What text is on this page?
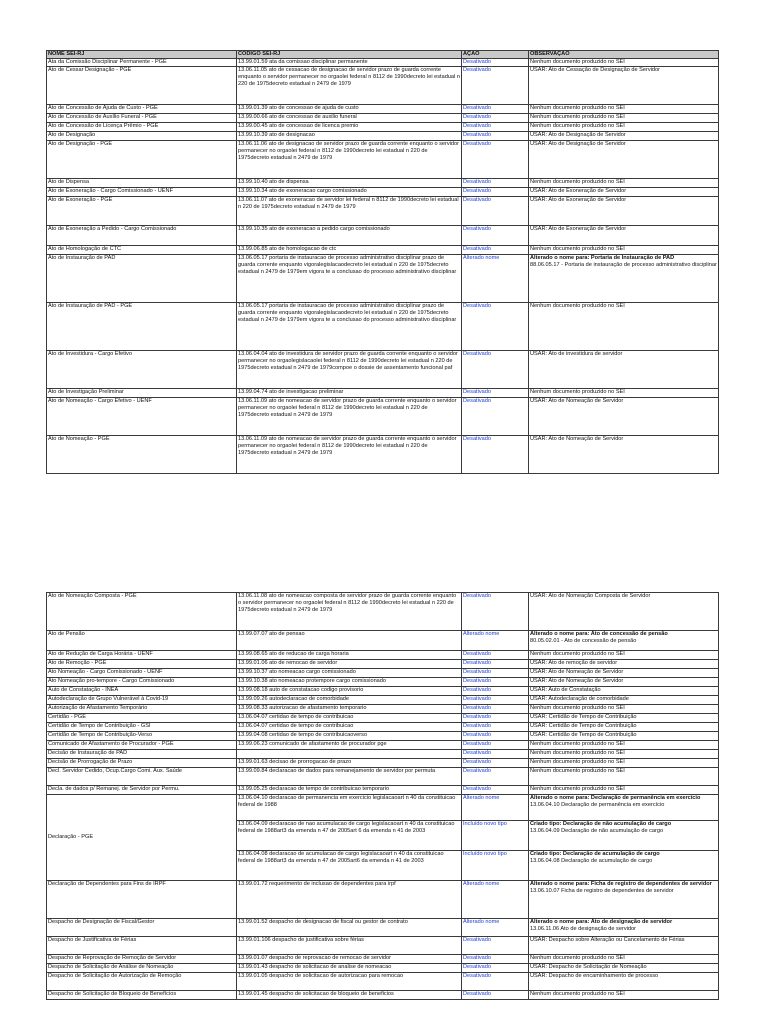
NOME SEI-RJ	CÓDIGO SEI-RJ	AÇÃO	OBSERVAÇÃO
Ata da Comissão Disciplinar Permanente - PGE	13.99.01.59 ata da comissao disciplinar permanente	Desativado	Nenhum documento produzido no SEI

Ato de Cessar Designação - PGE	13.06.11.05 ato de cessacao de designacao de servidor prazo de guarda corrente enquanto o servidor permanecer no orgaolei federal n 8112 de 1990decreto lei estadual n 220 de 1975decreto estadual n 2479 de 1979	Desativado	USAR: Ato de Cessação de Designação de Servidor

Ato de Concessão de Ajuda de Custo - PGE	13.99.01.39 ato de concessao de ajuda de custo	Desativado	Nenhum documento produzido no SEI

Ato de Concessão de Auxílio Funeral - PGE	13.99.00.66 ato de concessao de auxilio funeral	Desativado	Nenhum documento produzido no SEI

Ato de Concessão de Licença Prêmio - PGE	13.99.00.45 ato de concessao de licenca premio	Desativado	Nenhum documento produzido no SEI

Ato de Designação	13.99.10.39 ato de designacao	Desativado	USAR: Ato de Designação de Servidor

Ato de Designação - PGE	13.06.11.06 ato de designacao de servidor prazo de guarda corrente enquanto o servidor permanecer no orgaolei federal n 8112 de 1990decreto lei estadual n 220 de 1975decreto estadual n 2479 de 1979	Desativado	USAR: Ato de Designação de Servidor

Ato de Dispensa	13.99.10.40 ato de dispensa	Desativado	Nenhum documento produzido no SEI

Ato de Exoneração - Cargo Comissionado - UENF	13.99.10.34 ato de exoneracao cargo comissionado	Desativado	USAR: Ato de Exoneração de Servidor

Ato de Exoneração - PGE	13.06.11.07 ato de exoneracao de servidor lei federal n 8112 de 1990decreto lei estadual n 220 de 1975decreto estadual n 2479 de 1979	Desativado	USAR: Ato de Exoneração de Servidor

Ato de Exoneração a Pedido - Cargo Comissionado	13.99.10.35 ato de exoneracao a pedido cargo comissionado	Desativado	USAR: Ato de Exoneração de Servidor

Ato de Homologação de CTC	13.99.06.85 ato de homologacao de ctc	Desativado	Nenhum documento produzido no SEI

Ato de Instauração de PAD	13.06.05.17 portaria de instauracao de processo administrativo disciplinar prazo de guarda corrente enquanto vigoralegislacaodecreto lei estadual n 220 de 1975decreto estadual n 2479 de 1979em vigora te a conclusao do processo administrativo disciplinar	Alterado nome	Alterado o nome para: Portaria de Instauração de PAD
88.06.05.17 - Portaria de instauração de processo administrativo disciplinar

Ato de Instauração de PAD - PGE	13.06.05.17 portaria de instauracao de processo administrativo disciplinar prazo de guarda corrente enquanto vigoralegislacaodecreto lei estadual n 220 de 1975decreto estadual n 2479 de 1979em vigora te a conclusao do processo administrativo disciplinar	Desativado	Nenhum documento produzido no SEI

Ato de Investidura - Cargo Efetivo	13.06.04.04 ato de investidura de servidor prazo de guarda corrente enquanto o servidor permanecer no orgaolegislacaolei federal n 8112 de 1990decreto lei estadual n 220 de 1975decreto estadual n 2479 de 1979compoe o dossie de assentamento funcional paf	Desativado	USAR: Ato de investidura de servidor

Ato de Investigação Preliminar	13.99.04.74 ato de investigacao preliminar	Desativado	Nenhum documento produzido no SEI

Ato de Nomeação - Cargo Efetivo - UENF	13.06.11.09 ato de nomeacao de servidor prazo de guarda corrente enquanto o servidor permanecer no orgaolei federal n 8112 de 1990decreto lei estadual n 220 de 1975decreto estadual n 2479 de 1979	Desativado	USAR: Ato de Nomeação de Servidor

Ato de Nomeação - PGE	13.06.11.09 ato de nomeacao de servidor prazo de guarda corrente enquanto o servidor permanecer no orgaolei federal n 8112 de 1990decreto lei estadual n 220 de 1975decreto estadual n 2479 de 1979	Desativado	USAR: Ato de Nomeação de Servidor
Ato de Nomeação Composta - PGE	13.06.11.08 ato de nomeacao composta de servidor prazo de guarda corrente enquanto o servidor permanecer no orgaolei federal n 8112 de 1990decreto lei estadual n 220 de 1975decreto estadual n 2479 de 1979	Desativado	USAR: Ato de Nomeação Composta de Servidor

Ato de Pensão	13.99.07.07 ato de pensao	Alterado nome	Alterado o nome para: Ato de concessão de pensão
80.05.02.01 - Ato de concessão de pensão

Ato de Redução de Carga Horária - UENF	13.99.08.65 ato de reducao de carga horaria	Desativado	Nenhum documento produzido no SEI

Ato de Remoção - PGE	13.99.01.06 ato de remocao de servidor	Desativado	USAR: Ato de remoção de servidor

Ato Nomeação - Cargo Comissionado - UENF	13.99.10.37 ato nomeacao cargo comissionado	Desativado	USAR: Ato de Nomeação de Servidor

Ato Nomeação pro-tempore - Cargo Comissionado	13.99.10.38 ato nomeacao protempore cargo comissionado	Desativado	USAR: Ato de Nomeação de Servidor

Auto de Constatação - INEA	13.99.08.18 auto de constatacao codigo provisorio	Desativado	USAR: Auto de Constatação

Autodeclaração de Grupo Vulnerável à Covid-19	13.99.09.26 autodeclaracao de comorbidade	Desativado	USAR: Autodeclaração de comorbidade

Autorização de Afastamento Temporário	13.99.08.33 autorizacao de afastamento temporario	Desativado	Nenhum documento produzido no SEI

Certidão - PGE	13.06.04.07 certidao de tempo de contribuicao	Desativado	USAR: Certidão de Tempo de Contribuição

Certidão de Tempo de Contribuição - GSI	13.06.04.07 certidao de tempo de contribuicao	Desativado	USAR: Certidão de Tempo de Contribuição

Certidão de Tempo de Contribuição-Verso	13.99.04.08 certidao de tempo de contribuicaoverso	Desativado	USAR: Certidão de Tempo de Contribuição

Comunicado de Afastamento de Procurador - PGE	13.99.06.23 comunicado de afastamento de procurador pge	Desativado	Nenhum documento produzido no SEI

Decisão de Instauração de PAD		Desativado	Nenhum documento produzido no SEI

Decisão de Prorrogação de Prazo	13.99.01.63 decisao de prorrogacao de prazo	Desativado	Nenhum documento produzido no SEI

Decl. Servidor Cedido, Ocup.Cargo Comi. Aux. Saúde	13.99.09.84 declaracao de dados para remanejamento de servidor por permuta	Desativado	Nenhum documento produzido no SEI

Decla. de dados p/ Remanej. de Servidor por Permu.	13.99.05.25 declaracao de tempo de contribuicao temporario	Desativado	Nenhum documento produzido no SEI

Declaração - PGE	13.06.04.10 declaracao de permanencia em exercicio legislacaoart n 40 da constituicao federal de 1988	Alterado nome	Alterado o nome para: Declaração de permanência em exercício
13.06.04.10 Declaração de permanência em exercício

	13.06.04.09 declaracao de nao acumulacao de cargo legislacaoart n 40 da constituicao federal de 1988art3 da emenda n 47 de 2005art 6 da emenda n 41 de 2003	Incluído novo tipo	Criado tipo: Declaração de não acumulação de cargo
13.06.04.09 Declaração de não acumulação de cargo

	13.06.04.08 declaracao de acumulacao de cargo legislacaoart n 40 da constituicao federal de 1988art3 da emenda n 47 de 2005art6 da emenda n 41 de 2003	Incluído novo tipo	Criado tipo: Declaração de acumulação de cargo
13.06.04.08 Declaração de acumulação de cargo

Declaração de Dependentes para Fins de IRPF	13.99.01.72 requerimento de inclusao de dependentes para irpf	Alterado nome	Alterado o nome para: Ficha de registro de dependentes de servidor
13.06.10.07 Ficha de registro de dependentes de servidor

Despacho de Designação de Fiscal/Gestor	13.99.01.52 despacho de designacao de fiscal ou gestor de contrato	Alterado nome	Alterado o nome para: Ato de designação de servidor
13.06.11.06 Ato de designação de servidor

Despacho de Justificativa de Férias	13.99.01.106 despacho de justificativa sobre férias	Desativado	USAR: Despacho sobre Alteração ou Cancelamento de Férias

Despacho de Reprovação de Remoção de Servidor	13.99.01.07 despacho de reprovacao de remocao de servidor	Desativado	Nenhum documento produzido no SEI

Despacho de Solicitação de Análise de Nomeação	13.99.01.43 despacho de solicitacao de analise de nomeacao	Desativado	USAR: Despacho de Solicitação de Nomeação

Despacho de Solicitação de Autorização de Remoção	13.99.01.05 despacho de solicitacao de autorizacao para remocao	Desativado	USAR: Despacho de encaminhamento de processo

Despacho de Solicitação de Bloqueio de Benefícios	13.99.01.45 despacho de solicitacao de bloqueio de beneficios	Desativado	Nenhum documento produzido no SEI
